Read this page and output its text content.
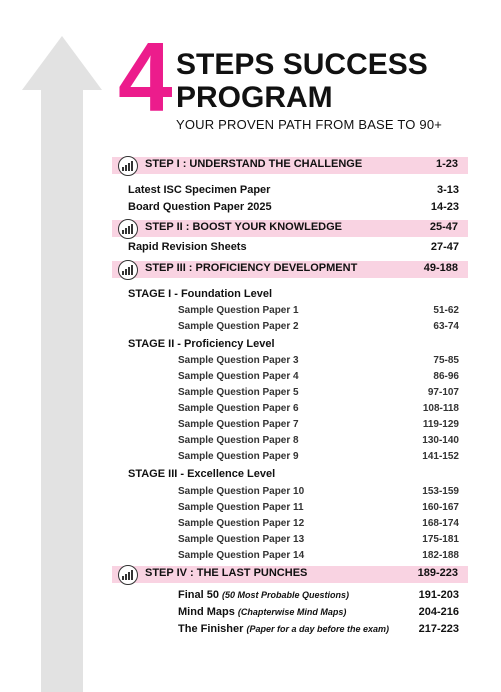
4 STEPS SUCCESS
PROGRAM
YOUR PROVEN PATH FROM BASE TO 90+
STEP I : UNDERSTAND THE CHALLENGE	1-23
Latest ISC Specimen Paper	3-13
Board Question Paper 2025	14-23
STEP II : BOOST YOUR KNOWLEDGE	25-47
Rapid Revision Sheets	27-47
STEP III : PROFICIENCY DEVELOPMENT	49-188
STAGE I - Foundation Level
Sample Question Paper 1	51-62
Sample Question Paper 2	63-74
STAGE II - Proficiency Level
Sample Question Paper 3	75-85
Sample Question Paper 4	86-96
Sample Question Paper 5	97-107
Sample Question Paper 6	108-118
Sample Question Paper 7	119-129
Sample Question Paper 8	130-140
Sample Question Paper 9	141-152
STAGE III - Excellence Level
Sample Question Paper 10	153-159
Sample Question Paper 11	160-167
Sample Question Paper 12	168-174
Sample Question Paper 13	175-181
Sample Question Paper 14	182-188
STEP IV : THE LAST PUNCHES	189-223
Final 50 (50 Most Probable Questions)	191-203
Mind Maps (Chapterwise Mind Maps)	204-216
The Finisher (Paper for a day before the exam)	217-223
